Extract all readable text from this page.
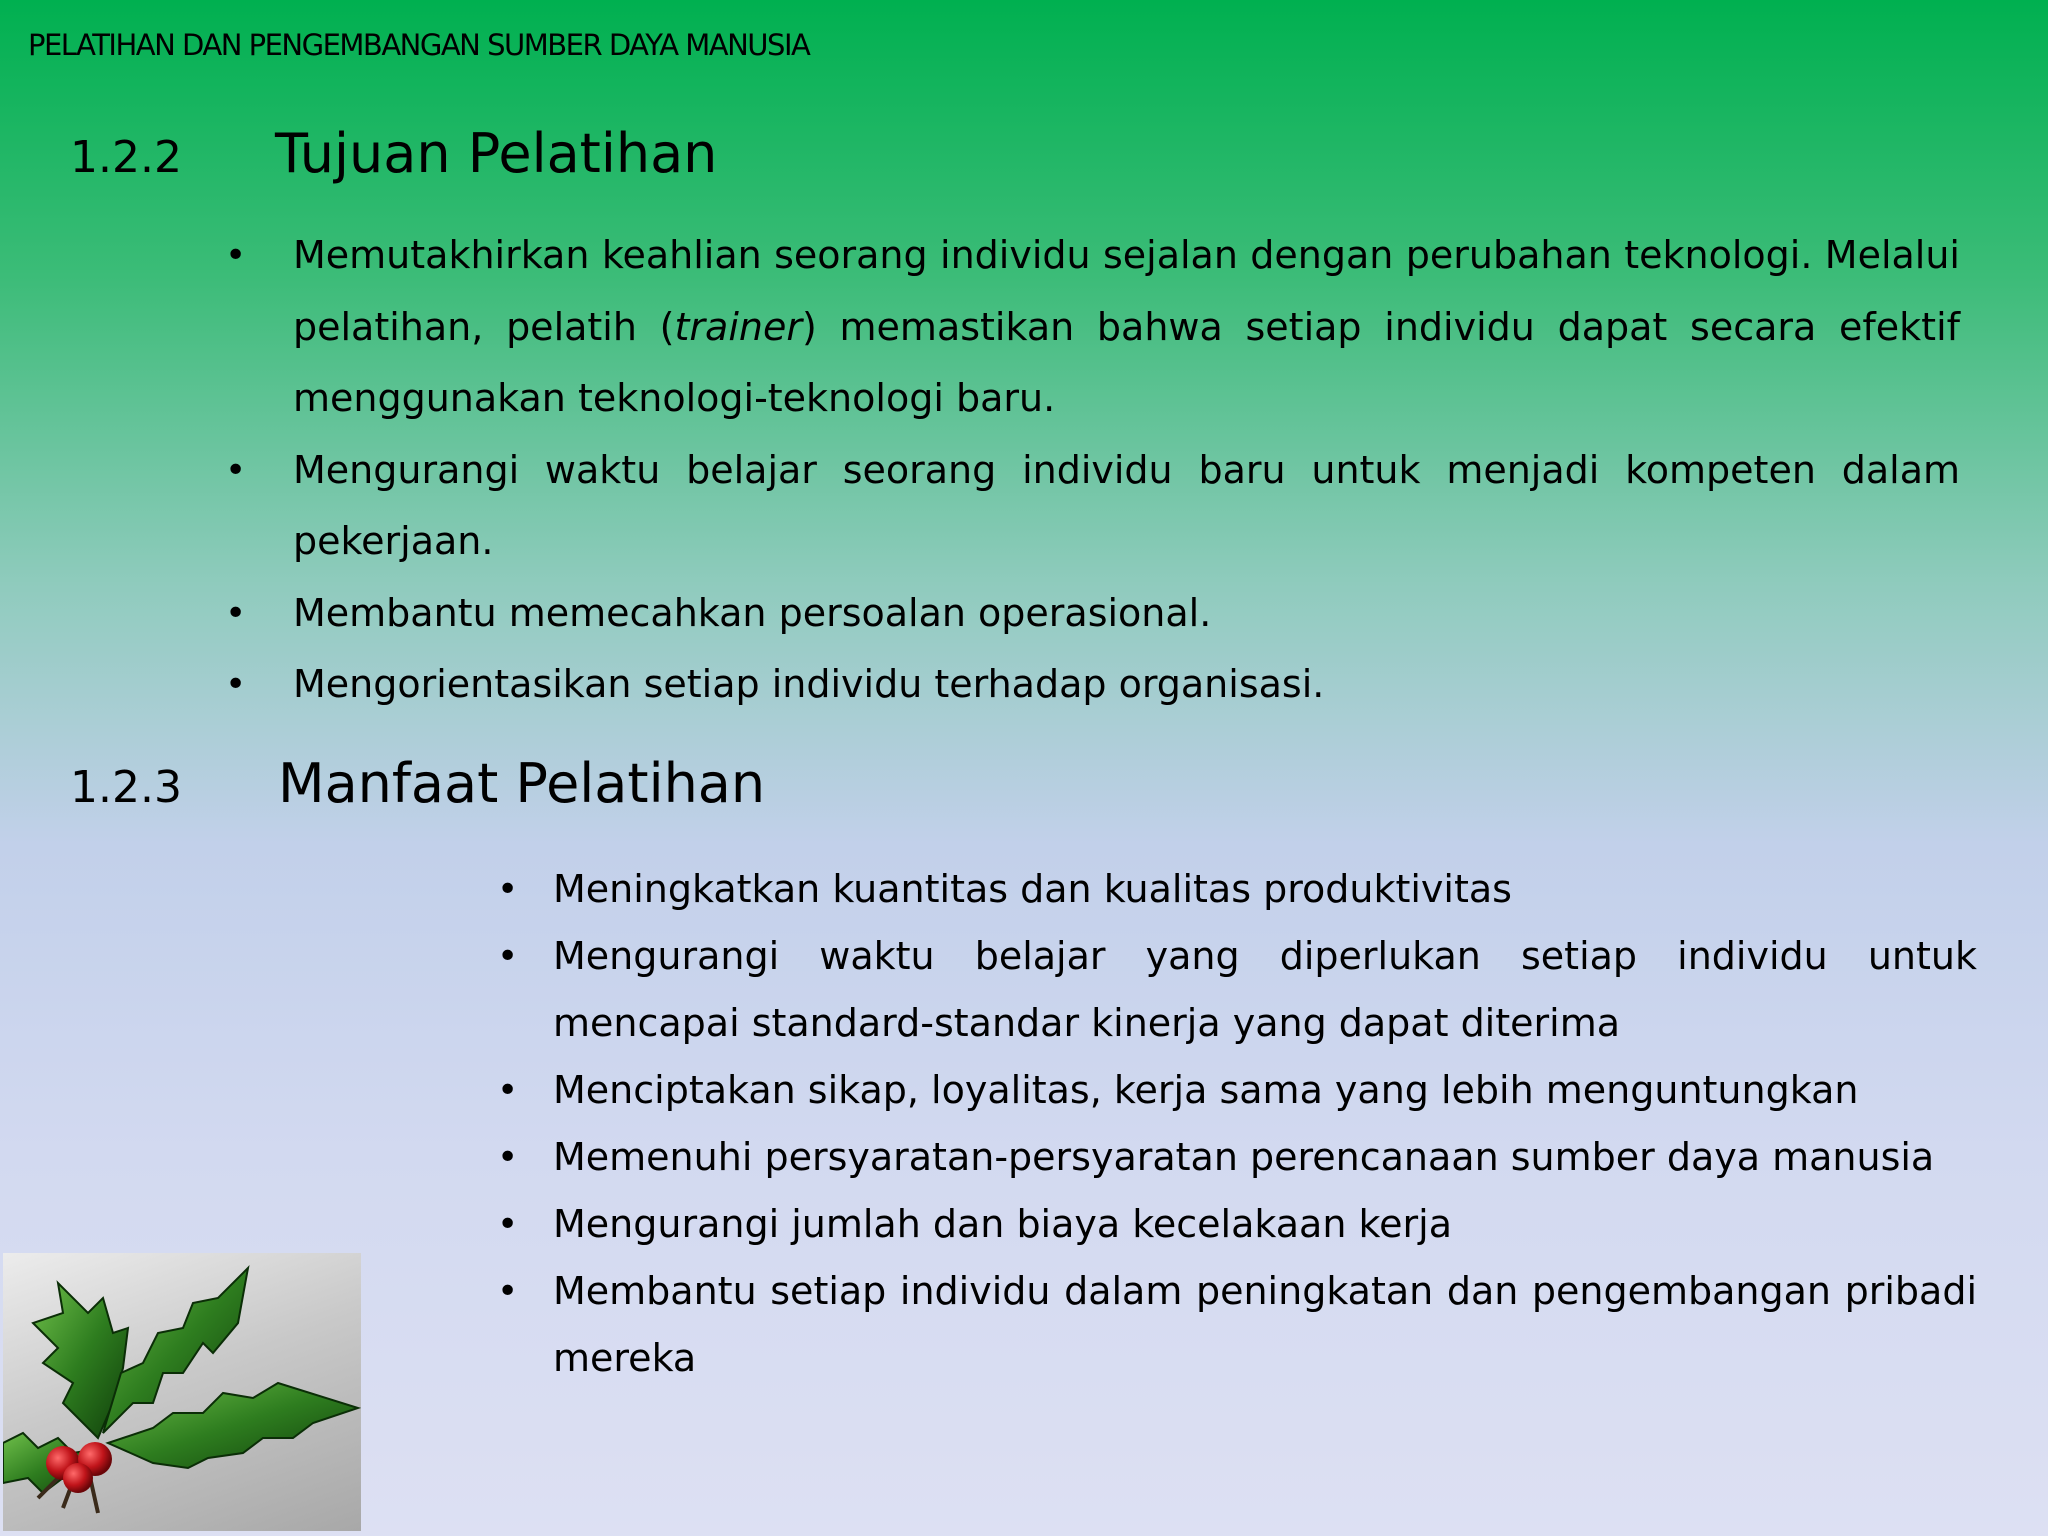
PELATIHAN DAN PENGEMBANGAN SUMBER DAYA MANUSIA
1.2.2 Tujuan Pelatihan
• Memutakhirkan keahlian seorang individu sejalan dengan perubahan teknologi. Melalui pelatihan, pelatih (trainer) memastikan bahwa setiap individu dapat secara efektif menggunakan teknologi-teknologi baru.
• Mengurangi waktu belajar seorang individu baru untuk menjadi kompeten dalam pekerjaan.
• Membantu memecahkan persoalan operasional.
• Mengorientasikan setiap individu terhadap organisasi.
1.2.3 Manfaat Pelatihan
• Meningkatkan kuantitas dan kualitas produktivitas
• Mengurangi waktu belajar yang diperlukan setiap individu untuk mencapai standard-standar kinerja yang dapat diterima
• Menciptakan sikap, loyalitas, kerja sama yang lebih menguntungkan
• Memenuhi persyaratan-persyaratan perencanaan sumber daya manusia
• Mengurangi jumlah dan biaya kecelakaan kerja
• Membantu setiap individu dalam peningkatan dan pengembangan pribadi mereka
